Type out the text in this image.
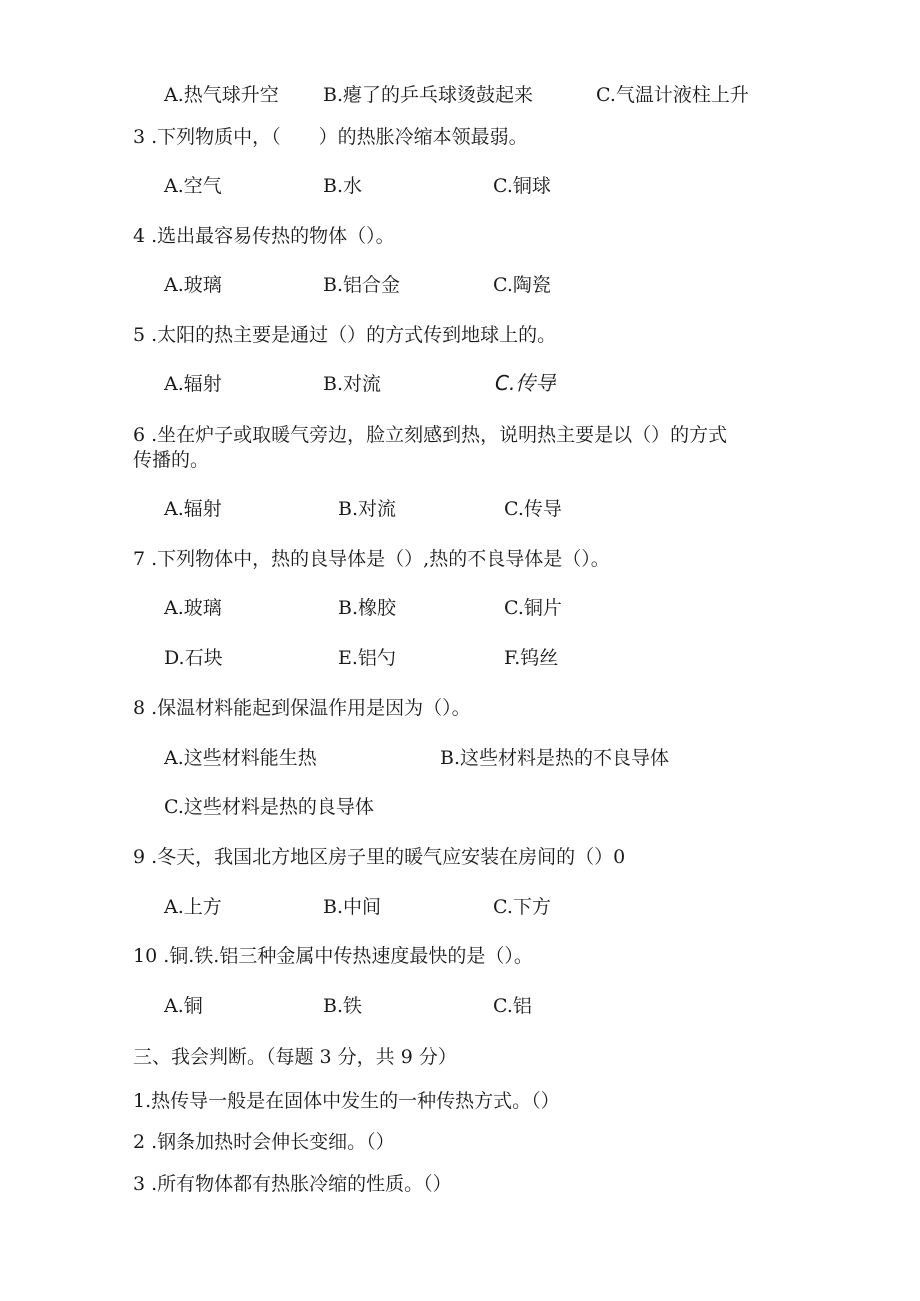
A.热气球升空 B.瘪了的乒乓球烫鼓起来	C.气温计液柱上升
3 .下列物质中，（　　）的热胀冷缩本领最弱。
A.空气	B.水	C.铜球
4 .选出最容易传热的物体（）。
A.玻璃	B.铝合金	C.陶瓷
5 .太阳的热主要是通过（）的方式传到地球上的。
A.辐射	B.对流	C.传导
6 .坐在炉子或取暖气旁边，脸立刻感到热，说明热主要是以（）的方式
传播的。
A.辐射	B.对流	C.传导
7 .下列物体中，热的良导体是（）,热的不良导体是（）。
A.玻璃	B.橡胶	C.铜片
D.石块	E.铝勺	F.钨丝
8 .保温材料能起到保温作用是因为（）。
A.这些材料能生热	B.这些材料是热的不良导体
C.这些材料是热的良导体
9 .冬天，我国北方地区房子里的暖气应安装在房间的（）0
A.上方	B.中间	C.下方
10 .铜.铁.铝三种金属中传热速度最快的是（）。
A.铜	B.铁	C.铝
三、我会判断。（每题 3 分，共 9 分）
1.热传导一般是在固体中发生的一种传热方式。（）
2 .钢条加热时会伸长变细。（）
3 .所有物体都有热胀冷缩的性质。（）
